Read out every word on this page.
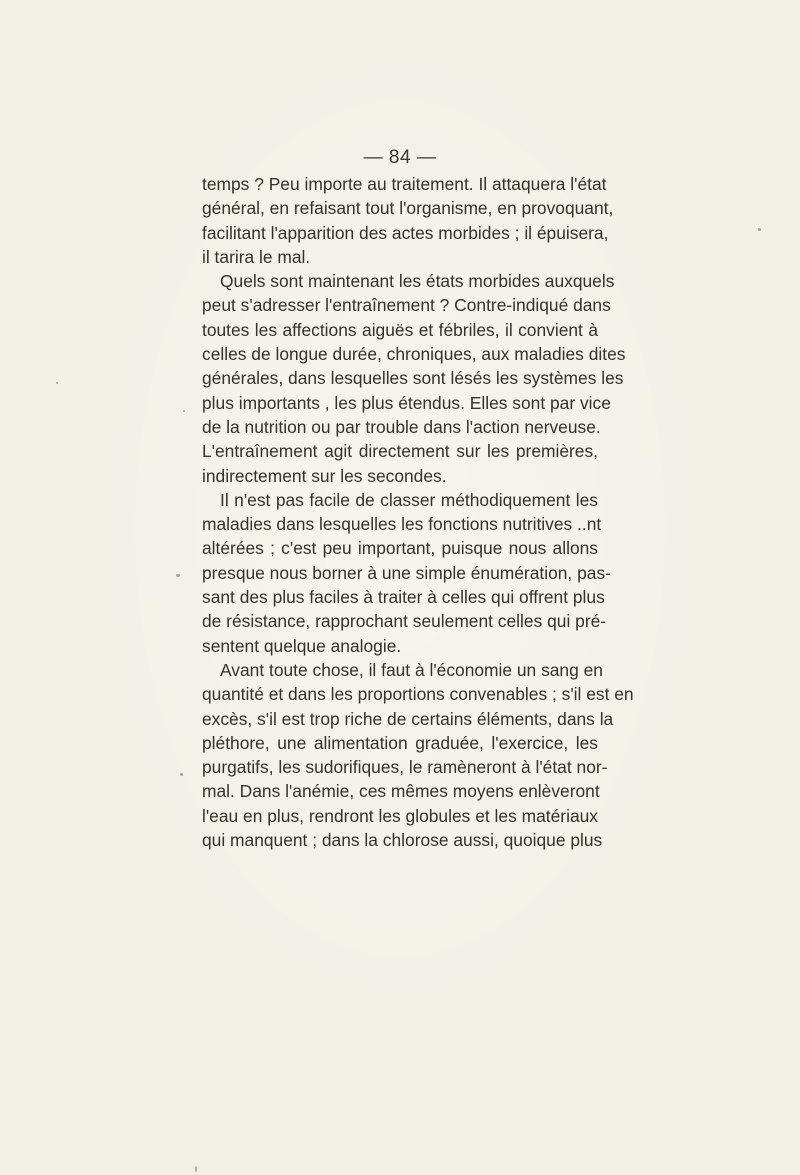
— 84 —
temps ? Peu importe au traitement. Il attaquera l'état
général, en refaisant tout l'organisme, en provoquant,
facilitant l'apparition des actes morbides ; il épuisera,
il tarira le mal.
Quels sont maintenant les états morbides auxquels
peut s'adresser l'entraînement ? Contre-indiqué dans
toutes les affections aiguës et fébriles, il convient à
celles de longue durée, chroniques, aux maladies dites
générales, dans lesquelles sont lésés les systèmes les
plus importants , les plus étendus. Elles sont par vice
de la nutrition ou par trouble dans l'action nerveuse.
L'entraînement agit directement sur les premières,
indirectement sur les secondes.
Il n'est pas facile de classer méthodiquement les
maladies dans lesquelles les fonctions nutritives ..nt
altérées ; c'est peu important, puisque nous allons
presque nous borner à une simple énumération, pas-
sant des plus faciles à traiter à celles qui offrent plus
de résistance, rapprochant seulement celles qui pré-
sentent quelque analogie.
Avant toute chose, il faut à l'économie un sang en
quantité et dans les proportions convenables ; s'il est en
excès, s'il est trop riche de certains éléments, dans la
pléthore, une alimentation graduée, l'exercice, les
purgatifs, les sudorifiques, le ramèneront à l'état nor-
mal. Dans l'anémie, ces mêmes moyens enlèveront
l'eau en plus, rendront les globules et les matériaux
qui manquent ; dans la chlorose aussi, quoique plus
